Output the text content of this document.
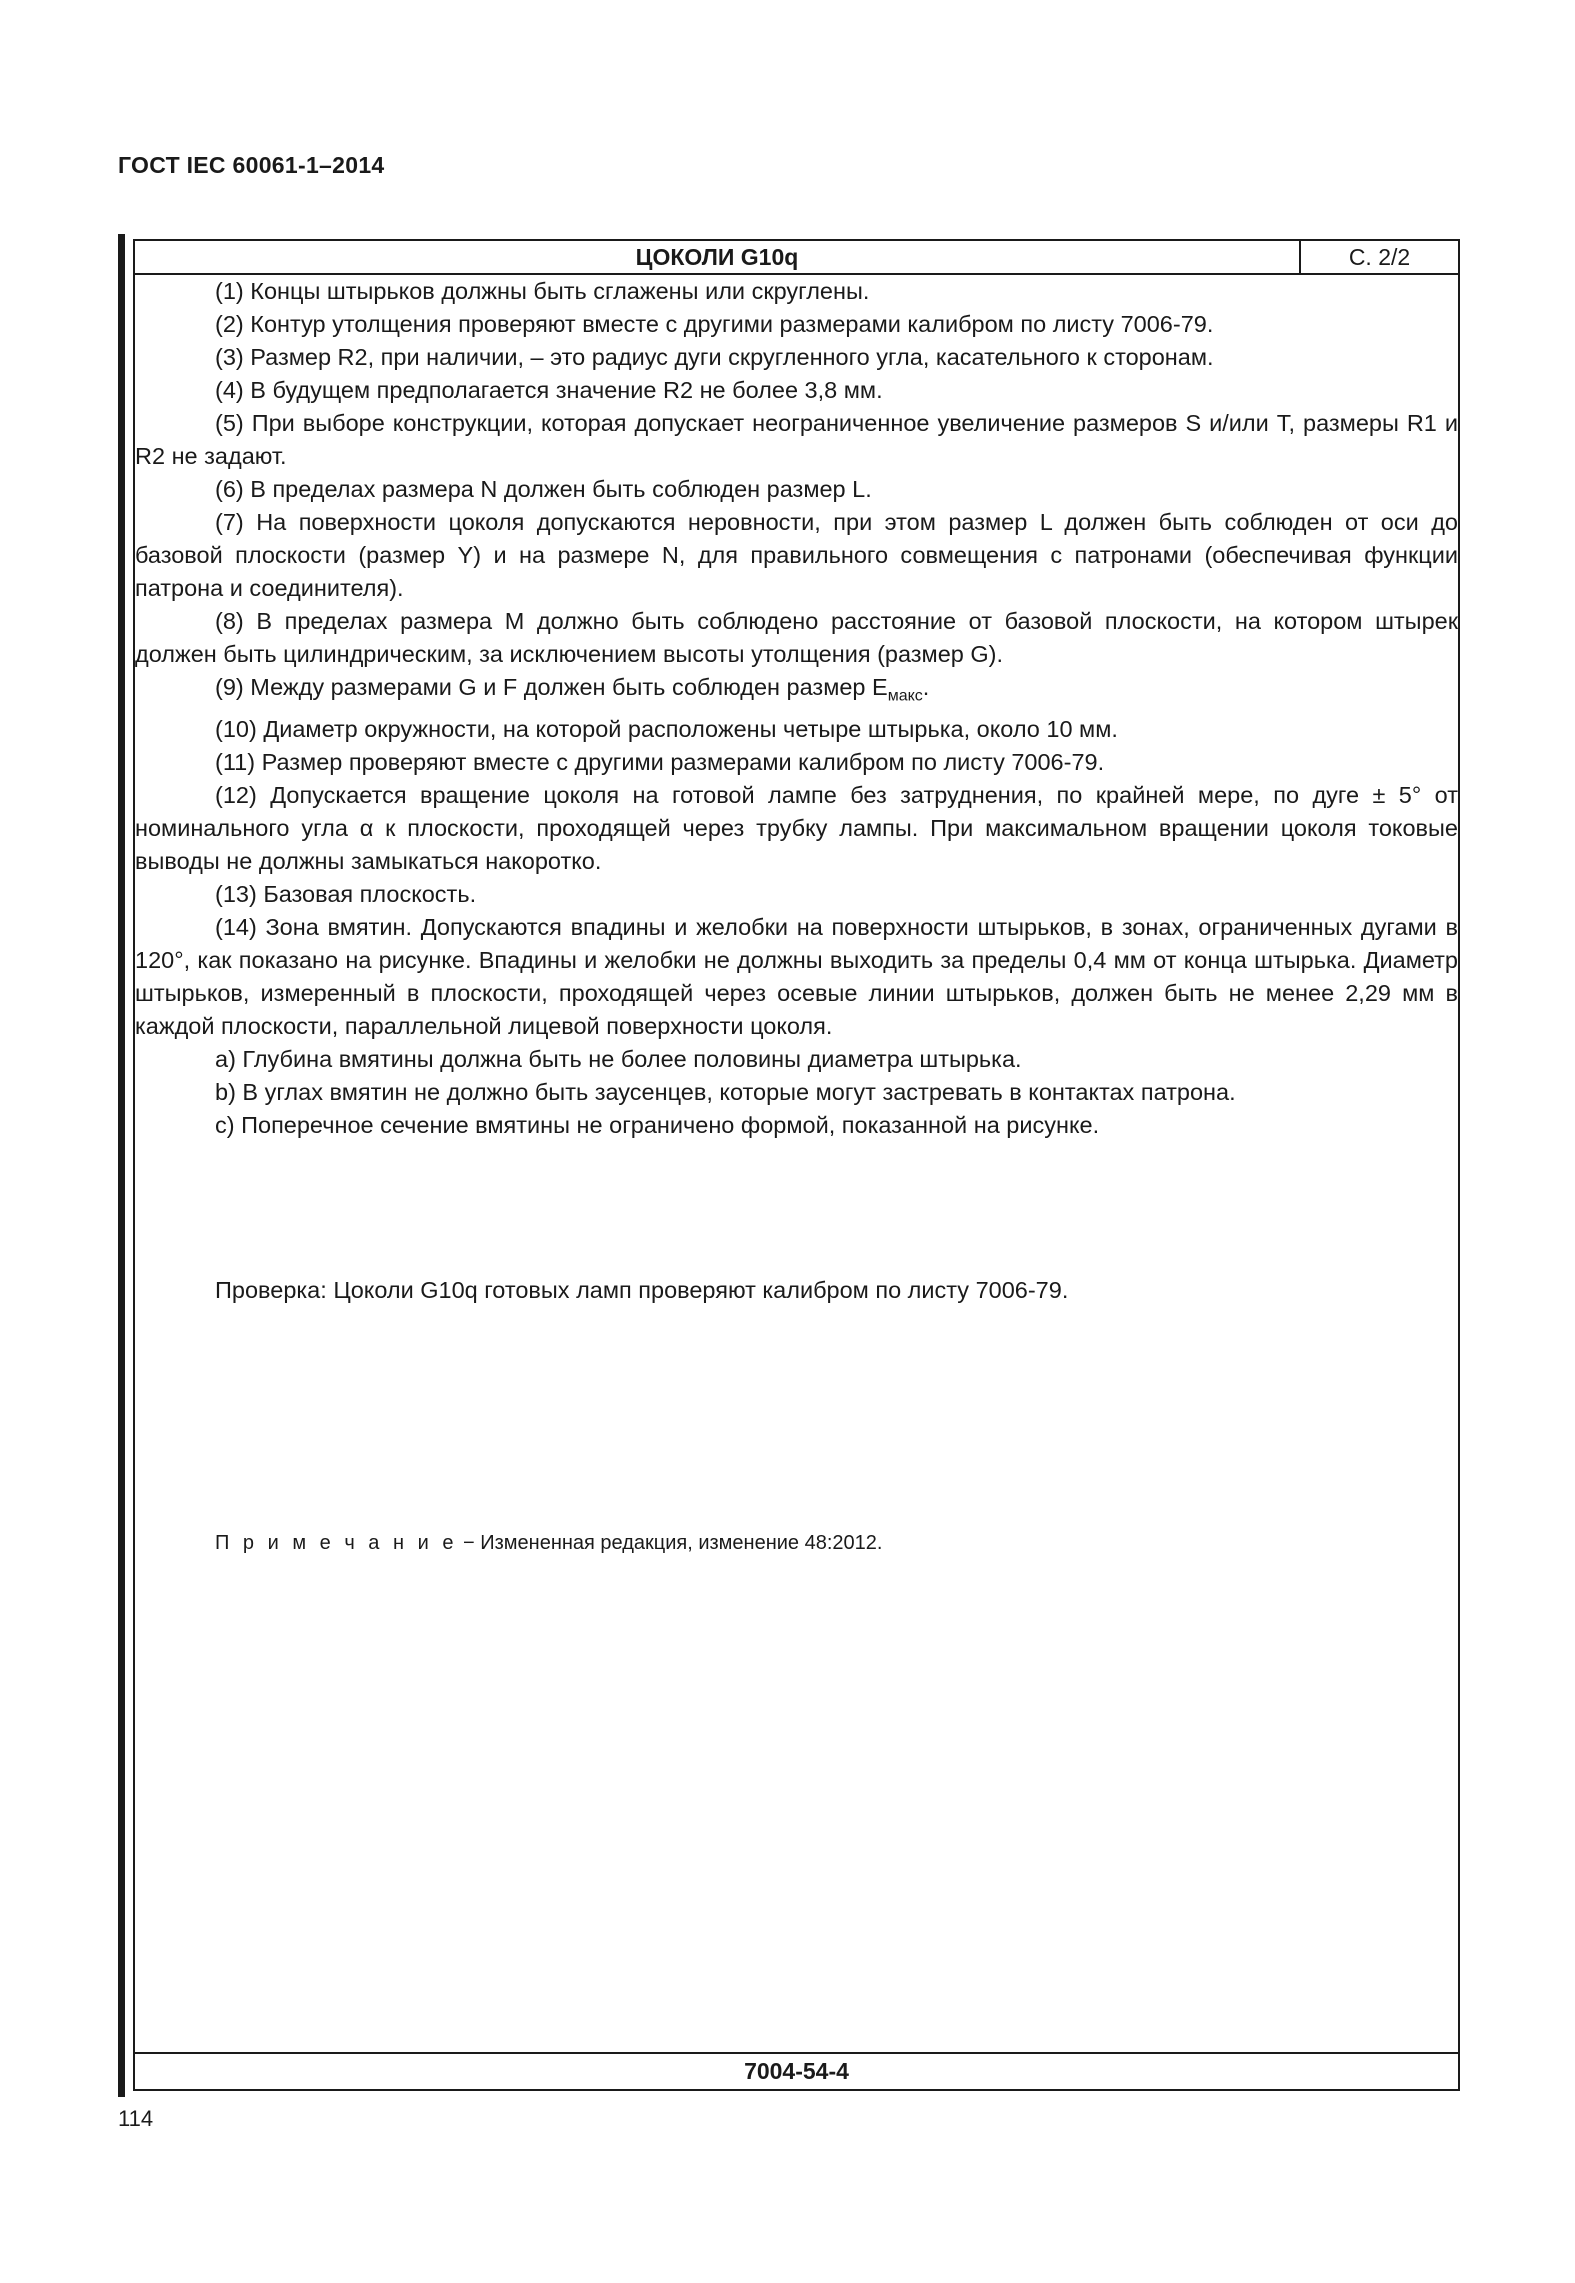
ГОСТ IEC 60061-1–2014
ЦОКОЛИ G10q	С. 2/2

(1) Концы штырьков должны быть сглажены или скруглены.

(2) Контур утолщения проверяют вместе с другими размерами калибром по листу 7006-79.

(3) Размер R2, при наличии, – это радиус дуги скругленного угла, касательного к сторонам.

(4) В будущем предполагается значение R2 не более 3,8 мм.

(5) При выборе конструкции, которая допускает неограниченное увеличение размеров S и/или T, размеры R1 и R2 не задают.

(6) В пределах размера N должен быть соблюден размер L.

(7) На поверхности цоколя допускаются неровности, при этом размер L должен быть соблюден от оси до базовой плоскости (размер Y) и на размере N, для правильного совмещения с патронами (обеспечивая функции патрона и соединителя).

(8) В пределах размера M должно быть соблюдено расстояние от базовой плоскости, на котором штырек должен быть цилиндрическим, за исключением высоты утолщения (размер G).

(9) Между размерами G и F должен быть соблюден размер $E_{макс}$.

(10) Диаметр окружности, на которой расположены четыре штырька, около 10 мм.

(11) Размер проверяют вместе с другими размерами калибром по листу 7006-79.

(12) Допускается вращение цоколя на готовой лампе без затруднения, по крайней мере, по дуге ± 5° от номинального угла α к плоскости, проходящей через трубку лампы. При максимальном вращении цоколя токовые выводы не должны замыкаться накоротко.

(13) Базовая плоскость.

(14) Зона вмятин. Допускаются впадины и желобки на поверхности штырьков, в зонах, ограниченных дугами в 120°, как показано на рисунке. Впадины и желобки не должны выходить за пределы 0,4 мм от конца штырька. Диаметр штырьков, измеренный в плоскости, проходящей через осевые линии штырьков, должен быть не менее 2,29 мм в каждой плоскости, параллельной лицевой поверхности цоколя.

a) Глубина вмятины должна быть не более половины диаметра штырька.

b) В углах вмятин не должно быть заусенцев, которые могут застревать в контактах патрона.

c) Поперечное сечение вмятины не ограничено формой, показанной на рисунке.

Проверка: Цоколи G10q готовых ламп проверяют калибром по листу 7006-79.
П р и м е ч а н и е − Измененная редакция, изменение 48:2012.
7004-54-4
114
